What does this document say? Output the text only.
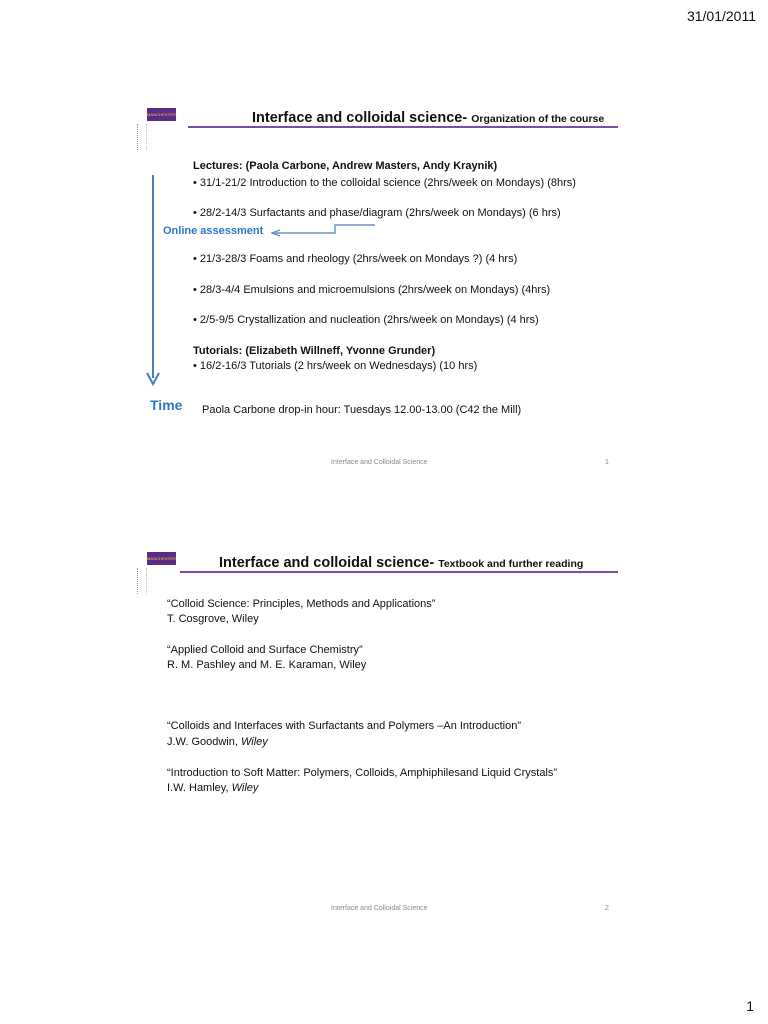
31/01/2011
MANCHESTER	Interface and colloidal science- Organization of the course
Lectures: (Paola Carbone, Andrew Masters, Andy Kraynik)
• 31/1-21/2 Introduction to the colloidal science (2hrs/week on Mondays) (8hrs)
• 28/2-14/3 Surfactants and phase/diagram (2hrs/week on Mondays) (6 hrs)
Online assessment
• 21/3-28/3 Foams and rheology (2hrs/week on Mondays ?) (4 hrs)
• 28/3-4/4 Emulsions and microemulsions (2hrs/week on Mondays) (4hrs)
• 2/5-9/5 Crystallization and nucleation (2hrs/week on Mondays) (4 hrs)
Tutorials: (Elizabeth Willneff, Yvonne Grunder)
• 16/2-16/3 Tutorials (2 hrs/week on Wednesdays) (10 hrs)
Time Paola Carbone drop-in hour: Tuesdays 12.00-13.00 (C42 the Mill)
Interface and Colloidal Science	1
MANCHESTER	Interface and colloidal science- Textbook and further reading
“Colloid Science: Principles, Methods and Applications”
T. Cosgrove, Wiley
“Applied Colloid and Surface Chemistry”
R. M. Pashley and M. E. Karaman, Wiley
“Colloids and Interfaces with Surfactants and Polymers –An Introduction”
J.W. Goodwin, Wiley
“Introduction to Soft Matter: Polymers, Colloids, Amphiphilesand Liquid Crystals”
I.W. Hamley, Wiley
Interface and Colloidal Science	2
1
